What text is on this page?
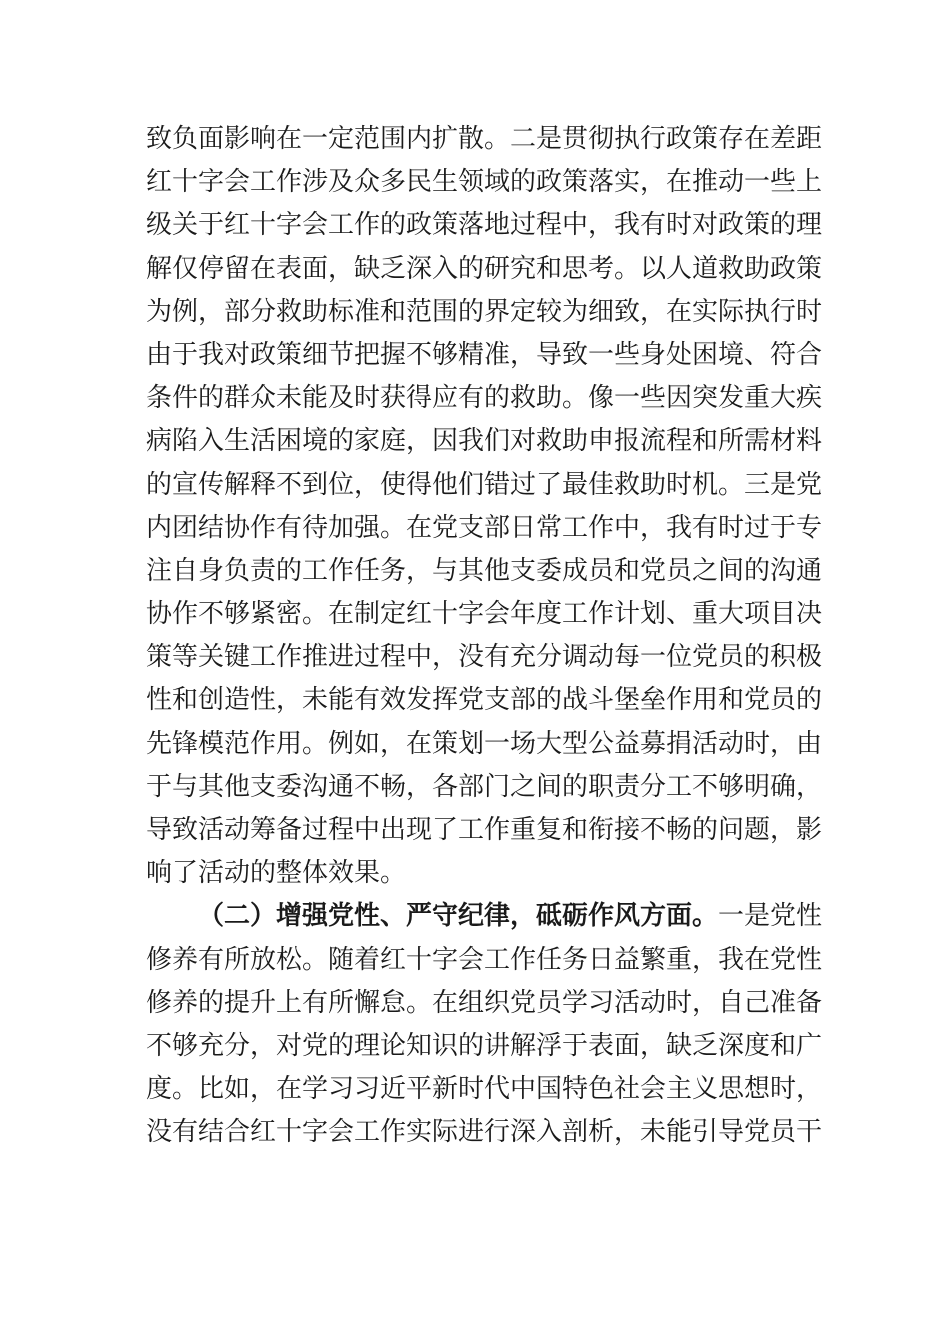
致负面影响在一定范围内扩散。二是贯彻执行政策存在差距
红十字会工作涉及众多民生领域的政策落实，在推动一些上
级关于红十字会工作的政策落地过程中，我有时对政策的理
解仅停留在表面，缺乏深入的研究和思考。以人道救助政策
为例，部分救助标准和范围的界定较为细致，在实际执行时
由于我对政策细节把握不够精准，导致一些身处困境、符合
条件的群众未能及时获得应有的救助。像一些因突发重大疾
病陷入生活困境的家庭，因我们对救助申报流程和所需材料
的宣传解释不到位，使得他们错过了最佳救助时机。三是党
内团结协作有待加强。在党支部日常工作中，我有时过于专
注自身负责的工作任务，与其他支委成员和党员之间的沟通
协作不够紧密。在制定红十字会年度工作计划、重大项目决
策等关键工作推进过程中，没有充分调动每一位党员的积极
性和创造性，未能有效发挥党支部的战斗堡垒作用和党员的
先锋模范作用。例如，在策划一场大型公益募捐活动时，由
于与其他支委沟通不畅，各部门之间的职责分工不够明确，
导致活动筹备过程中出现了工作重复和衔接不畅的问题，影
响了活动的整体效果。
（二）增强党性、严守纪律，砥砺作风方面。一是党性
修养有所放松。随着红十字会工作任务日益繁重，我在党性
修养的提升上有所懈怠。在组织党员学习活动时，自己准备
不够充分，对党的理论知识的讲解浮于表面，缺乏深度和广
度。比如，在学习习近平新时代中国特色社会主义思想时，
没有结合红十字会工作实际进行深入剖析，未能引导党员干
